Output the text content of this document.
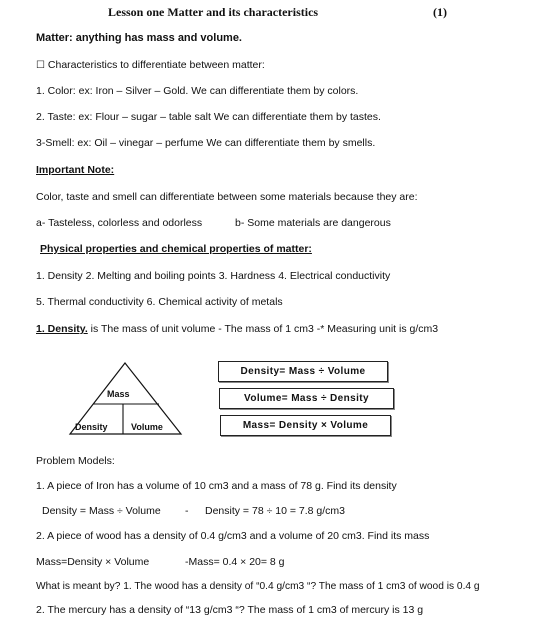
Lesson one Matter and its characteristics	(1)
Matter: anything has mass and volume.
☐ Characteristics to differentiate between matter:
1. Color: ex: Iron – Silver – Gold. We can differentiate them by colors.
2. Taste: ex: Flour – sugar – table salt We can differentiate them by tastes.
3-Smell: ex: Oil – vinegar – perfume We can differentiate them by smells.
Important Note:
Color, taste and smell can differentiate between some materials because they are:
a- Tasteless, colorless and odorless	b- Some materials are dangerous
Physical properties and chemical properties of matter:
1. Density 2. Melting and boiling points 3. Hardness 4. Electrical conductivity
5. Thermal conductivity 6. Chemical activity of metals
1. Density. is The mass of unit volume - The mass of 1 cm3 -* Measuring unit is g/cm3
Mass
Density	Volume
Density= Mass ÷ Volume
Volume= Mass ÷ Density
Mass= Density × Volume
Problem Models:
1. A piece of Iron has a volume of 10 cm3 and a mass of 78 g. Find its density
Density = Mass ÷ Volume - Density = 78 ÷ 10 = 7.8 g/cm3
2. A piece of wood has a density of 0.4 g/cm3 and a volume of 20 cm3. Find its mass
Mass=Density × Volume	-Mass= 0.4 × 20= 8 g
What is meant by? 1. The wood has a density of “0.4 g/cm3 “? The mass of 1 cm3 of wood is 0.4 g
2. The mercury has a density of “13 g/cm3 “? The mass of 1 cm3 of mercury is 13 g
